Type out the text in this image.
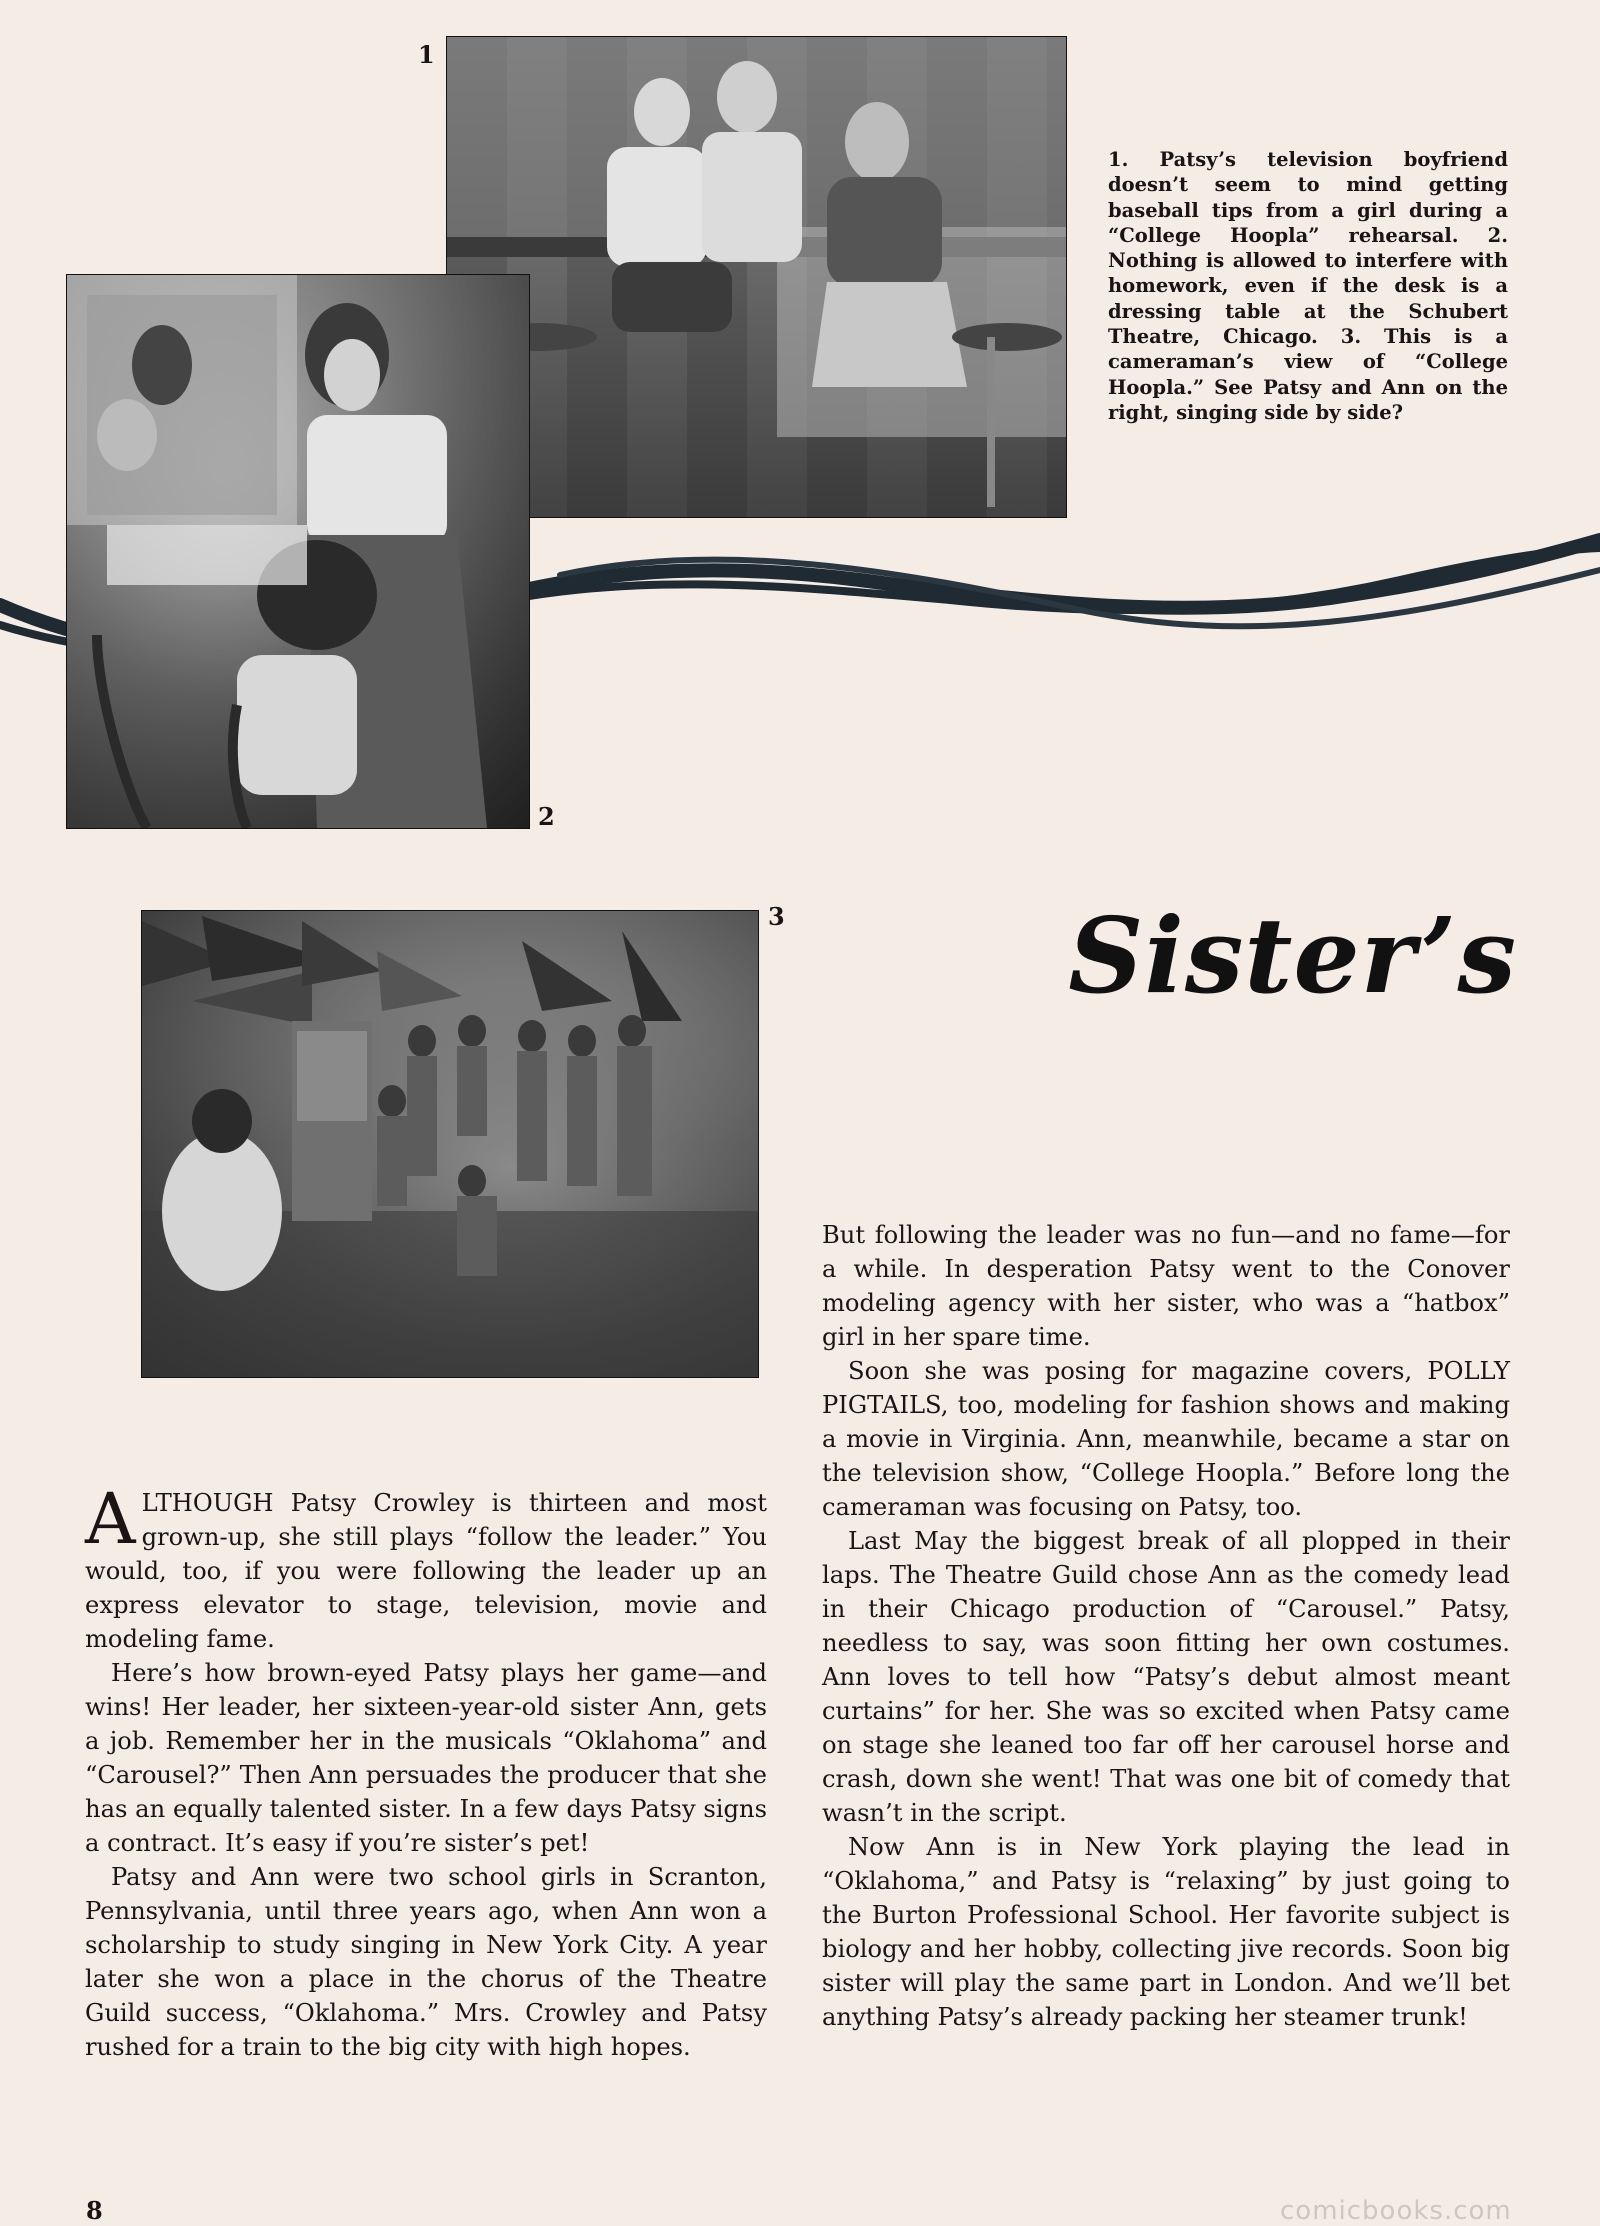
1
2
3
1. Patsy’s television boyfriend doesn’t seem to mind getting baseball tips from a girl during a “College Hoopla” rehearsal. 2. Nothing is allowed to interfere with homework, even if the desk is a dressing table at the Schubert Theatre, Chicago. 3. This is a cameraman’s view of “College Hoopla.” See Patsy and Ann on the right, singing side by side?
Sister’s

ALTHOUGH Patsy Crowley is thirteen and most grown-up, she still plays “follow the leader.” You would, too, if you were following the leader up an express elevator to stage, television, movie and modeling fame.

Here’s how brown-eyed Patsy plays her game—and wins! Her leader, her sixteen-year-old sister Ann, gets a job. Remember her in the musicals “Oklahoma” and “Carousel?” Then Ann persuades the producer that she has an equally talented sister. In a few days Patsy signs a contract. It’s easy if you’re sister’s pet!

Patsy and Ann were two school girls in Scranton, Pennsylvania, until three years ago, when Ann won a scholarship to study singing in New York City. A year later she won a place in the chorus of the Theatre Guild success, “Oklahoma.” Mrs. Crowley and Patsy rushed for a train to the big city with high hopes.

But following the leader was no fun—and no fame—for a while. In desperation Patsy went to the Conover modeling agency with her sister, who was a “hatbox” girl in her spare time.

Soon she was posing for magazine covers, POLLY PIGTAILS, too, modeling for fashion shows and making a movie in Virginia. Ann, meanwhile, became a star on the television show, “College Hoopla.” Before long the cameraman was focusing on Patsy, too.

Last May the biggest break of all plopped in their laps. The Theatre Guild chose Ann as the comedy lead in their Chicago production of “Carousel.” Patsy, needless to say, was soon fitting her own costumes. Ann loves to tell how “Patsy’s debut almost meant curtains” for her. She was so excited when Patsy came on stage she leaned too far off her carousel horse and crash, down she went! That was one bit of comedy that wasn’t in the script.

Now Ann is in New York playing the lead in “Oklahoma,” and Patsy is “relaxing” by just going to the Burton Professional School. Her favorite subject is biology and her hobby, collecting jive records. Soon big sister will play the same part in London. And we’ll bet anything Patsy’s already packing her steamer trunk!

8	comicbooks.com
